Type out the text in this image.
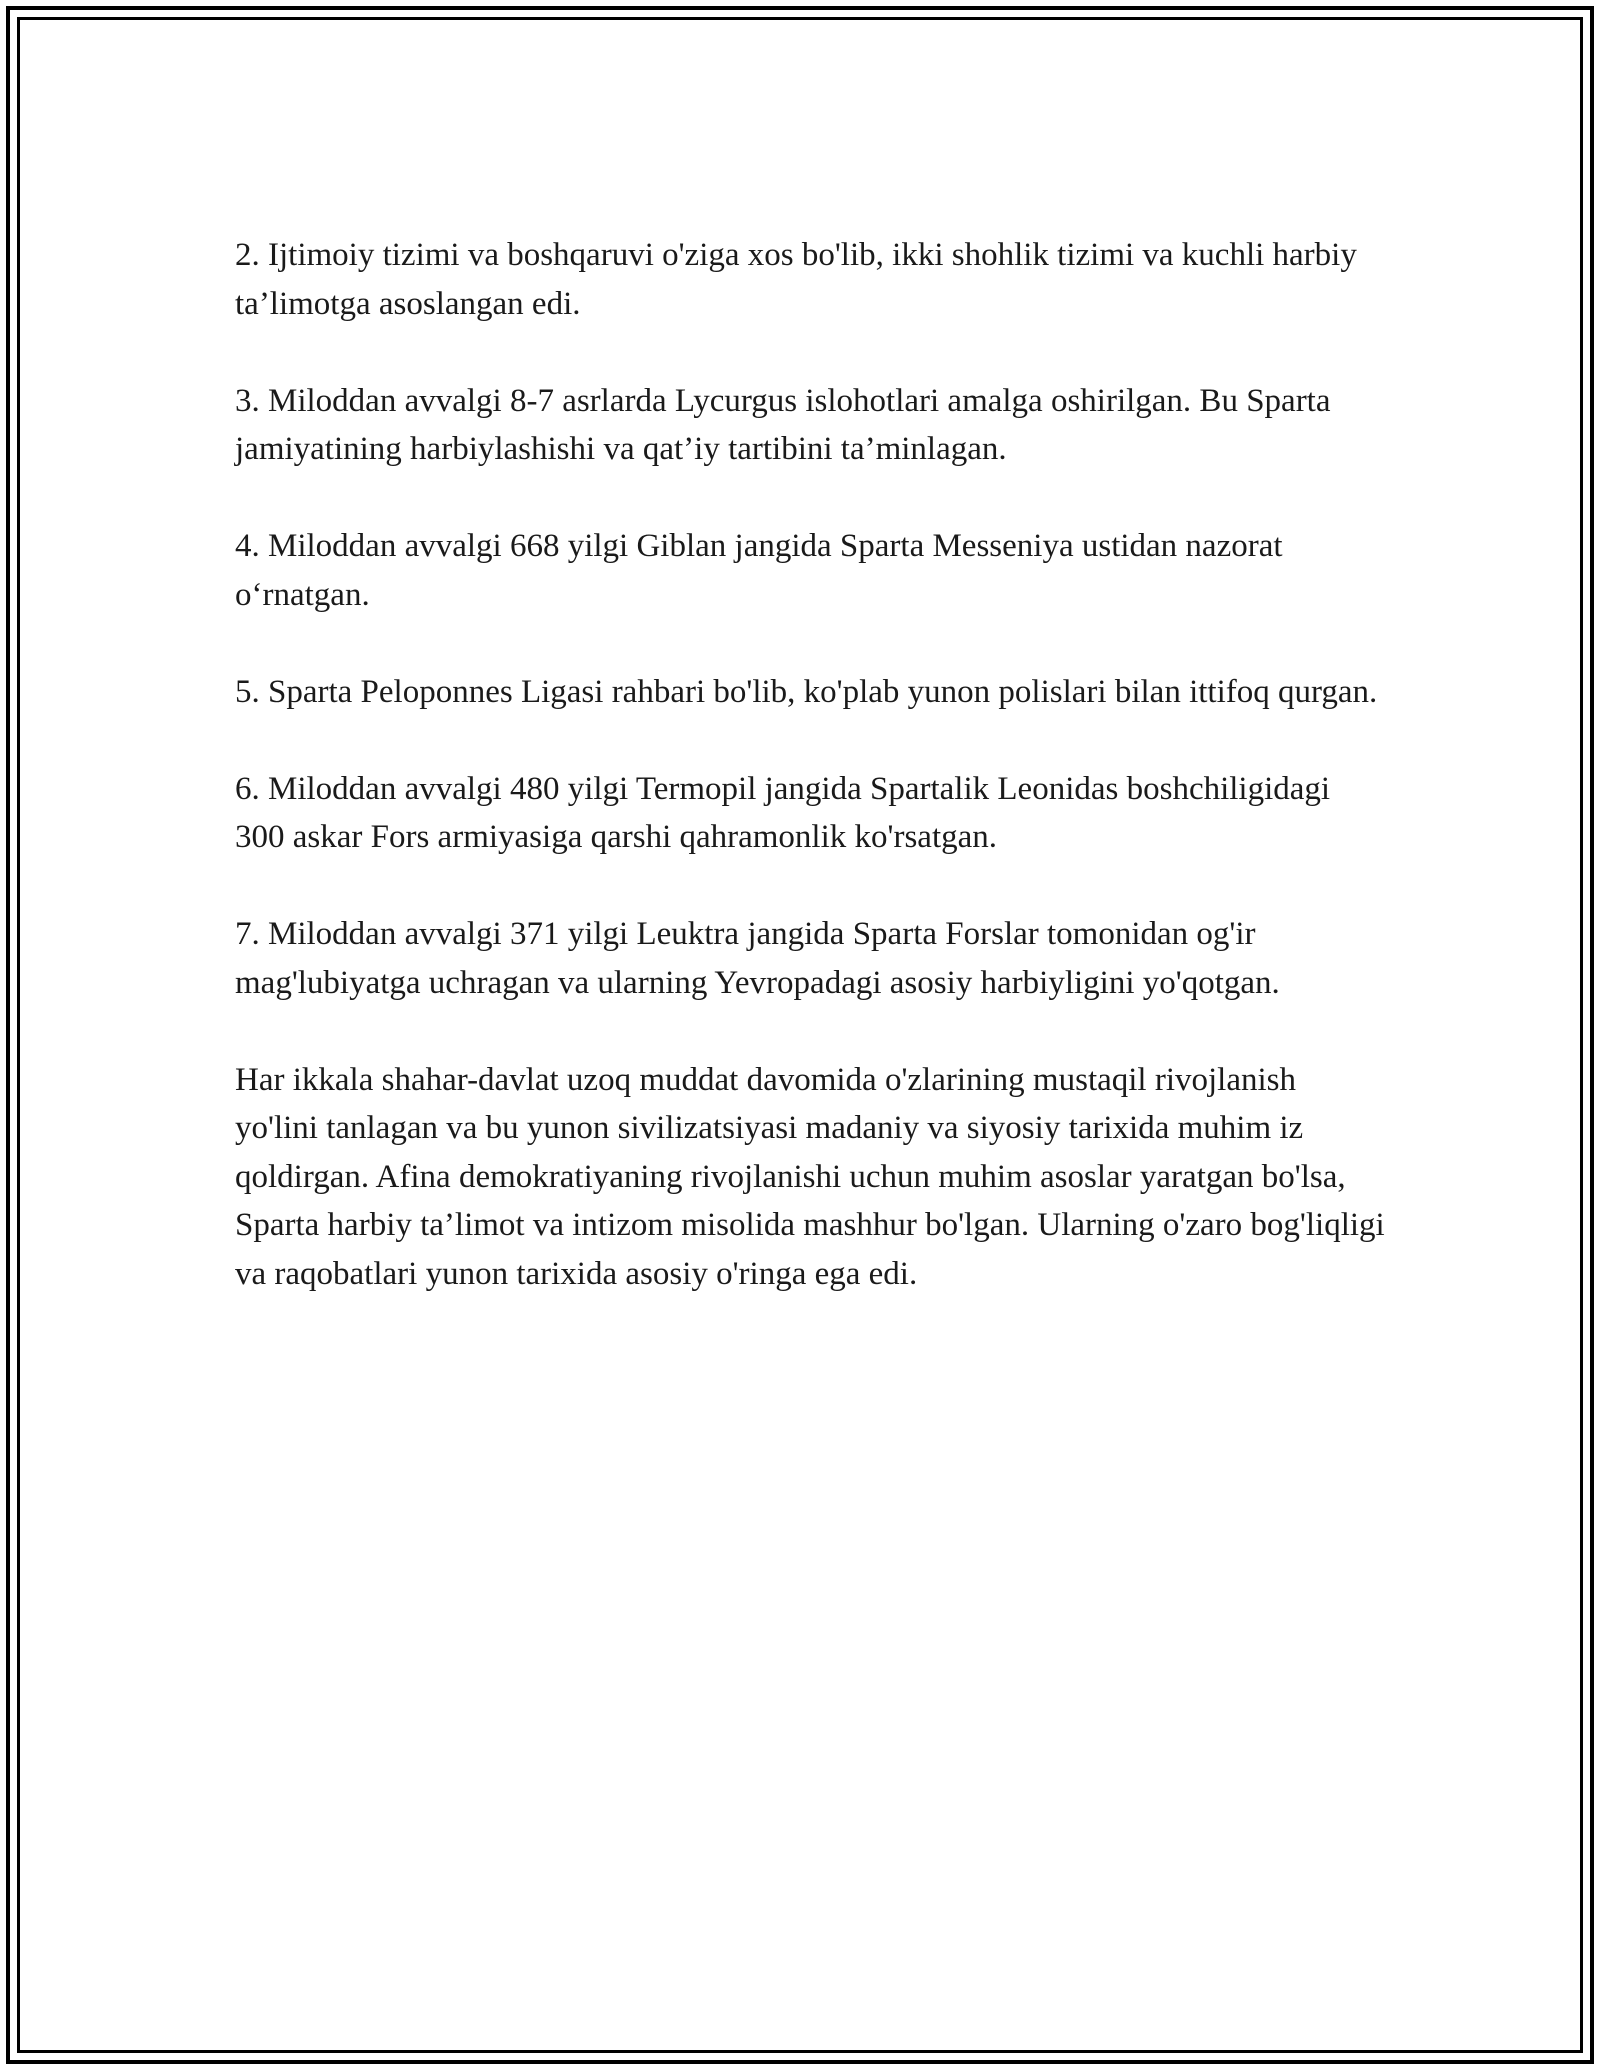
2. Ijtimoiy tizimi va boshqaruvi o'ziga xos bo'lib, ikki shohlik tizimi va kuchli harbiy ta’limotga asoslangan edi.

3. Miloddan avvalgi 8-7 asrlarda Lycurgus islohotlari amalga oshirilgan. Bu Sparta jamiyatining harbiylashishi va qat’iy tartibini ta’minlagan.

4. Miloddan avvalgi 668 yilgi Giblan jangida Sparta Messeniya ustidan nazorat o‘rnatgan.

5. Sparta Peloponnes Ligasi rahbari bo'lib, ko'plab yunon polislari bilan ittifoq qurgan.

6. Miloddan avvalgi 480 yilgi Termopil jangida Spartalik Leonidas boshchiligidagi 300 askar Fors armiyasiga qarshi qahramonlik ko'rsatgan.

7. Miloddan avvalgi 371 yilgi Leuktra jangida Sparta Forslar tomonidan og'ir mag'lubiyatga uchragan va ularning Yevropadagi asosiy harbiyligini yo'qotgan.

Har ikkala shahar-davlat uzoq muddat davomida o'zlarining mustaqil rivojlanish yo'lini tanlagan va bu yunon sivilizatsiyasi madaniy va siyosiy tarixida muhim iz qoldirgan. Afina demokratiyaning rivojlanishi uchun muhim asoslar yaratgan bo'lsa, Sparta harbiy ta’limot va intizom misolida mashhur bo'lgan. Ularning o'zaro bog'liqligi va raqobatlari yunon tarixida asosiy o'ringa ega edi.
